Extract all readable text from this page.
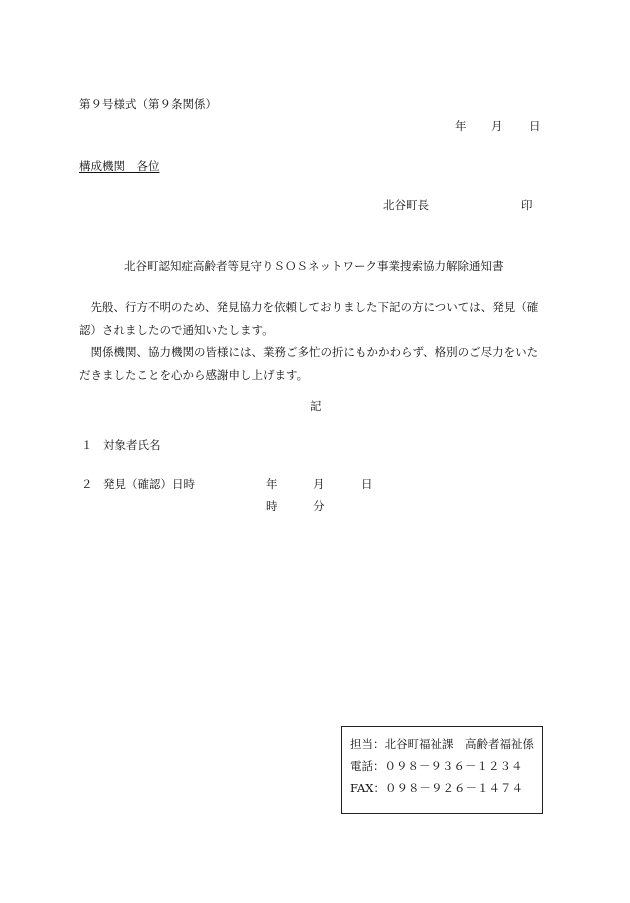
第９号様式（第９条関係）
年 月 日
構成機関　各位
北谷町長	印
北谷町認知症高齢者等見守りＳＯＳネットワーク事業捜索協力解除通知書

先般、行方不明のため、発見協力を依頼しておりました下記の方については、発見（確認）されましたので通知いたします。

関係機関、協力機関の皆様には、業務ご多忙の折にもかかわらず、格別のご尽力をいただきましたことを心から感謝申し上げます。

記
１ 対象者氏名
２ 発見（確認）日時	年	月	日
時	分
担当：北谷町福祉課　高齢者福祉係
電話：０９８－９３６－１２３４
FAX：０９８－９２６－１４７４
